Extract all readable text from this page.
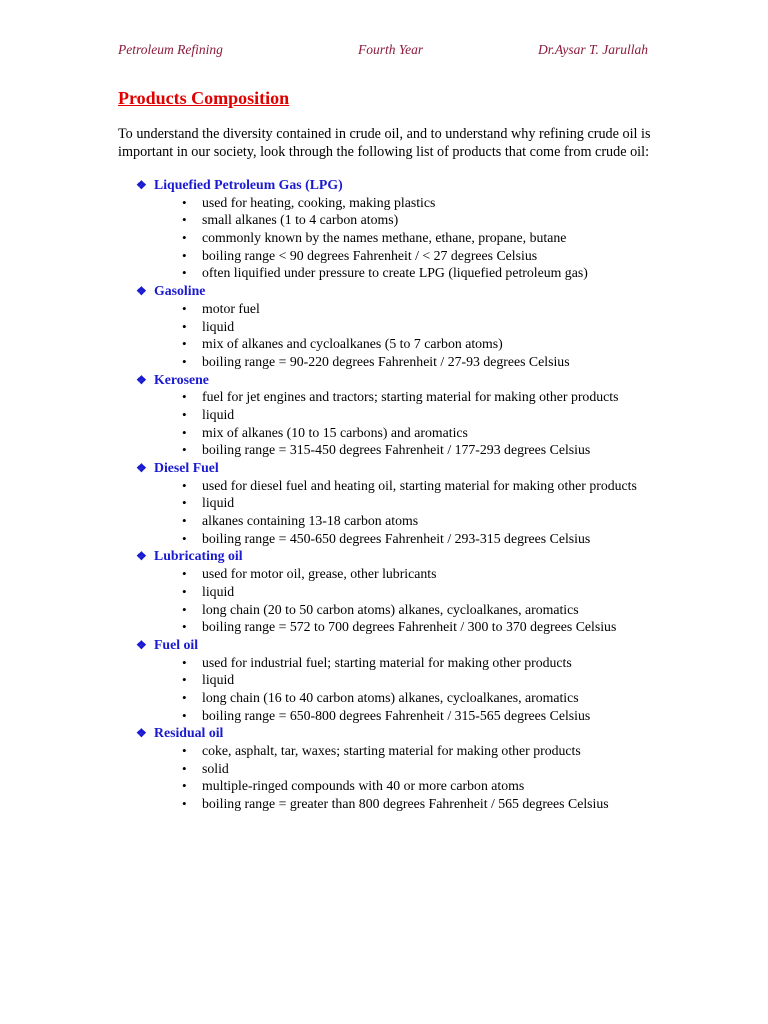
Petroleum Refining	Fourth Year	Dr.Aysar T. Jarullah
Products Composition

To understand the diversity contained in crude oil, and to understand why refining crude oil is important in our society, look through the following list of products that come from crude oil:

❖ Liquefied Petroleum Gas (LPG)
• used for heating, cooking, making plastics
• small alkanes (1 to 4 carbon atoms)
• commonly known by the names methane, ethane, propane, butane
• boiling range < 90 degrees Fahrenheit / < 27 degrees Celsius
• often liquified under pressure to create LPG (liquefied petroleum gas)
❖ Gasoline
• motor fuel
• liquid
• mix of alkanes and cycloalkanes (5 to 7 carbon atoms)
• boiling range = 90-220 degrees Fahrenheit / 27-93 degrees Celsius
❖ Kerosene
• fuel for jet engines and tractors; starting material for making other products
• liquid
• mix of alkanes (10 to 15 carbons) and aromatics
• boiling range = 315-450 degrees Fahrenheit / 177-293 degrees Celsius
❖ Diesel Fuel
• used for diesel fuel and heating oil, starting material for making other products
• liquid
• alkanes containing 13-18 carbon atoms
• boiling range = 450-650 degrees Fahrenheit / 293-315 degrees Celsius
❖ Lubricating oil
• used for motor oil, grease, other lubricants
• liquid
• long chain (20 to 50 carbon atoms) alkanes, cycloalkanes, aromatics
• boiling range = 572 to 700 degrees Fahrenheit / 300 to 370 degrees Celsius
❖ Fuel oil
• used for industrial fuel; starting material for making other products
• liquid
• long chain (16 to 40 carbon atoms) alkanes, cycloalkanes, aromatics
• boiling range = 650-800 degrees Fahrenheit / 315-565 degrees Celsius
❖ Residual oil
• coke, asphalt, tar, waxes; starting material for making other products
• solid
• multiple-ringed compounds with 40 or more carbon atoms
• boiling range = greater than 800 degrees Fahrenheit / 565 degrees Celsius
